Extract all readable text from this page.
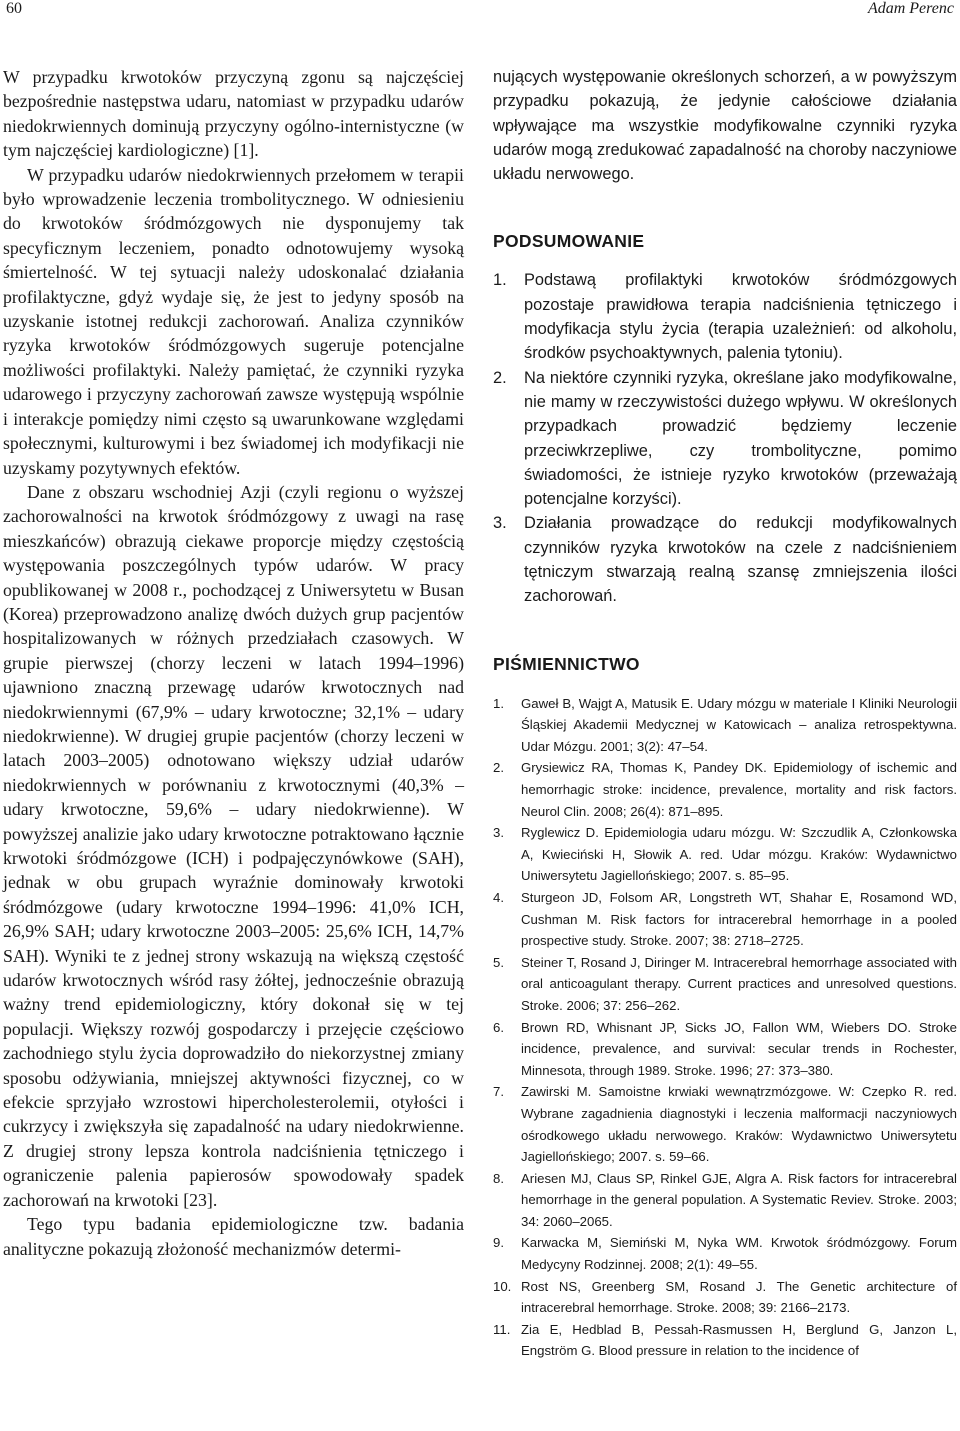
60	Adam Perenc

W przypadku krwotoków przyczyną zgonu są najczęściej bezpośrednie następstwa udaru, natomiast w przypadku udarów niedokrwiennych dominują przyczyny ogólno-internistyczne (w tym najczęściej kardiologiczne) [1].

W przypadku udarów niedokrwiennych przełomem w terapii było wprowadzenie leczenia trombolitycznego. W odniesieniu do krwotoków śródmózgowych nie dysponujemy tak specyficznym leczeniem, ponadto odnotowujemy wysoką śmiertelność. W tej sytuacji należy udoskonalać działania profilaktyczne, gdyż wydaje się, że jest to jedyny sposób na uzyskanie istotnej redukcji zachorowań. Analiza czynników ryzyka krwotoków śródmózgowych sugeruje potencjalne możliwości profilaktyki. Należy pamiętać, że czynniki ryzyka udarowego i przyczyny zachorowań zawsze występują wspólnie i interakcje pomiędzy nimi często są uwarunkowane względami społecznymi, kulturowymi i bez świadomej ich modyfikacji nie uzyskamy pozytywnych efektów.

Dane z obszaru wschodniej Azji (czyli regionu o wyższej zachorowalności na krwotok śródmózgowy z uwagi na rasę mieszkańców) obrazują ciekawe proporcje między częstością występowania poszczególnych typów udarów. W pracy opublikowanej w 2008 r., pochodzącej z Uniwersytetu w Busan (Korea) przeprowadzono analizę dwóch dużych grup pacjentów hospitalizowanych w różnych przedziałach czasowych. W grupie pierwszej (chorzy leczeni w latach 1994–1996) ujawniono znaczną przewagę udarów krwotocznych nad niedokrwiennymi (67,9% – udary krwotoczne; 32,1% – udary niedokrwienne). W drugiej grupie pacjentów (chorzy leczeni w latach 2003–2005) odnotowano większy udział udarów niedokrwiennych w porównaniu z krwotocznymi (40,3% – udary krwotoczne, 59,6% – udary niedokrwienne). W powyższej analizie jako udary krwotoczne potraktowano łącznie krwotoki śródmózgowe (ICH) i podpajęczynówkowe (SAH), jednak w obu grupach wyraźnie dominowały krwotoki śródmózgowe (udary krwotoczne 1994–1996: 41,0% ICH, 26,9% SAH; udary krwotoczne 2003–2005: 25,6% ICH, 14,7% SAH). Wyniki te z jednej strony wskazują na większą częstość udarów krwotocznych wśród rasy żółtej, jednocześnie obrazują ważny trend epidemiologiczny, który dokonał się w tej populacji. Większy rozwój gospodarczy i przejęcie częściowo zachodniego stylu życia doprowadziło do niekorzystnej zmiany sposobu odżywiania, mniejszej aktywności fizycznej, co w efekcie sprzyjało wzrostowi hipercholesterolemii, otyłości i cukrzycy i zwiększyła się zapadalność na udary niedokrwienne. Z drugiej strony lepsza kontrola nadciśnienia tętniczego i ograniczenie palenia papierosów spowodowały spadek zachorowań na krwotoki [23].

Tego typu badania epidemiologiczne tzw. badania analityczne pokazują złożoność mechanizmów determi-

nujących występowanie określonych schorzeń, a w powyższym przypadku pokazują, że jedynie całościowe działania wpływające ma wszystkie modyfikowalne czynniki ryzyka udarów mogą zredukować zapadalność na choroby naczyniowe układu nerwowego.

PODSUMOWANIE
1. Podstawą profilaktyki krwotoków śródmózgowych pozostaje prawidłowa terapia nadciśnienia tętniczego i modyfikacja stylu życia (terapia uzależnień: od alkoholu, środków psychoaktywnych, palenia tytoniu).
2. Na niektóre czynniki ryzyka, określane jako modyfikowalne, nie mamy w rzeczywistości dużego wpływu. W określonych przypadkach prowadzić będziemy leczenie przeciwkrzepliwe, czy trombolityczne, pomimo świadomości, że istnieje ryzyko krwotoków (przeważają potencjalne korzyści).
3. Działania prowadzące do redukcji modyfikowalnych czynników ryzyka krwotoków na czele z nadciśnieniem tętniczym stwarzają realną szansę zmniejszenia ilości zachorowań.
PIŚMIENNICTWO
1. Gaweł B, Wajgt A, Matusik E. Udary mózgu w materiale I Kliniki Neurologii Śląskiej Akademii Medycznej w Katowicach – analiza retrospektywna. Udar Mózgu. 2001; 3(2): 47–54.
2. Grysiewicz RA, Thomas K, Pandey DK. Epidemiology of ischemic and hemorrhagic stroke: incidence, prevalence, mortality and risk factors. Neurol Clin. 2008; 26(4): 871–895.
3. Ryglewicz D. Epidemiologia udaru mózgu. W: Szczudlik A, Członkowska A, Kwieciński H, Słowik A. red. Udar mózgu. Kraków: Wydawnictwo Uniwersytetu Jagiellońskiego; 2007. s. 85–95.
4. Sturgeon JD, Folsom AR, Longstreth WT, Shahar E, Rosamond WD, Cushman M. Risk factors for intracerebral hemorrhage in a pooled prospective study. Stroke. 2007; 38: 2718–2725.
5. Steiner T, Rosand J, Diringer M. Intracerebral hemorrhage associated with oral anticoagulant therapy. Current practices and unresolved questions. Stroke. 2006; 37: 256–262.
6. Brown RD, Whisnant JP, Sicks JO, Fallon WM, Wiebers DO. Stroke incidence, prevalence, and survival: secular trends in Rochester, Minnesota, through 1989. Stroke. 1996; 27: 373–380.
7. Zawirski M. Samoistne krwiaki wewnątrzmózgowe. W: Czepko R. red. Wybrane zagadnienia diagnostyki i leczenia malformacji naczyniowych ośrodkowego układu nerwowego. Kraków: Wydawnictwo Uniwersytetu Jagiellońskiego; 2007. s. 59–66.
8. Ariesen MJ, Claus SP, Rinkel GJE, Algra A. Risk factors for intracerebral hemorrhage in the general population. A Systematic Reviev. Stroke. 2003; 34: 2060–2065.
9. Karwacka M, Siemiński M, Nyka WM. Krwotok śródmózgowy. Forum Medycyny Rodzinnej. 2008; 2(1): 49–55.
10. Rost NS, Greenberg SM, Rosand J. The Genetic architecture of intracerebral hemorrhage. Stroke. 2008; 39: 2166–2173.
11. Zia E, Hedblad B, Pessah-Rasmussen H, Berglund G, Janzon L, Engström G. Blood pressure in relation to the incidence of
